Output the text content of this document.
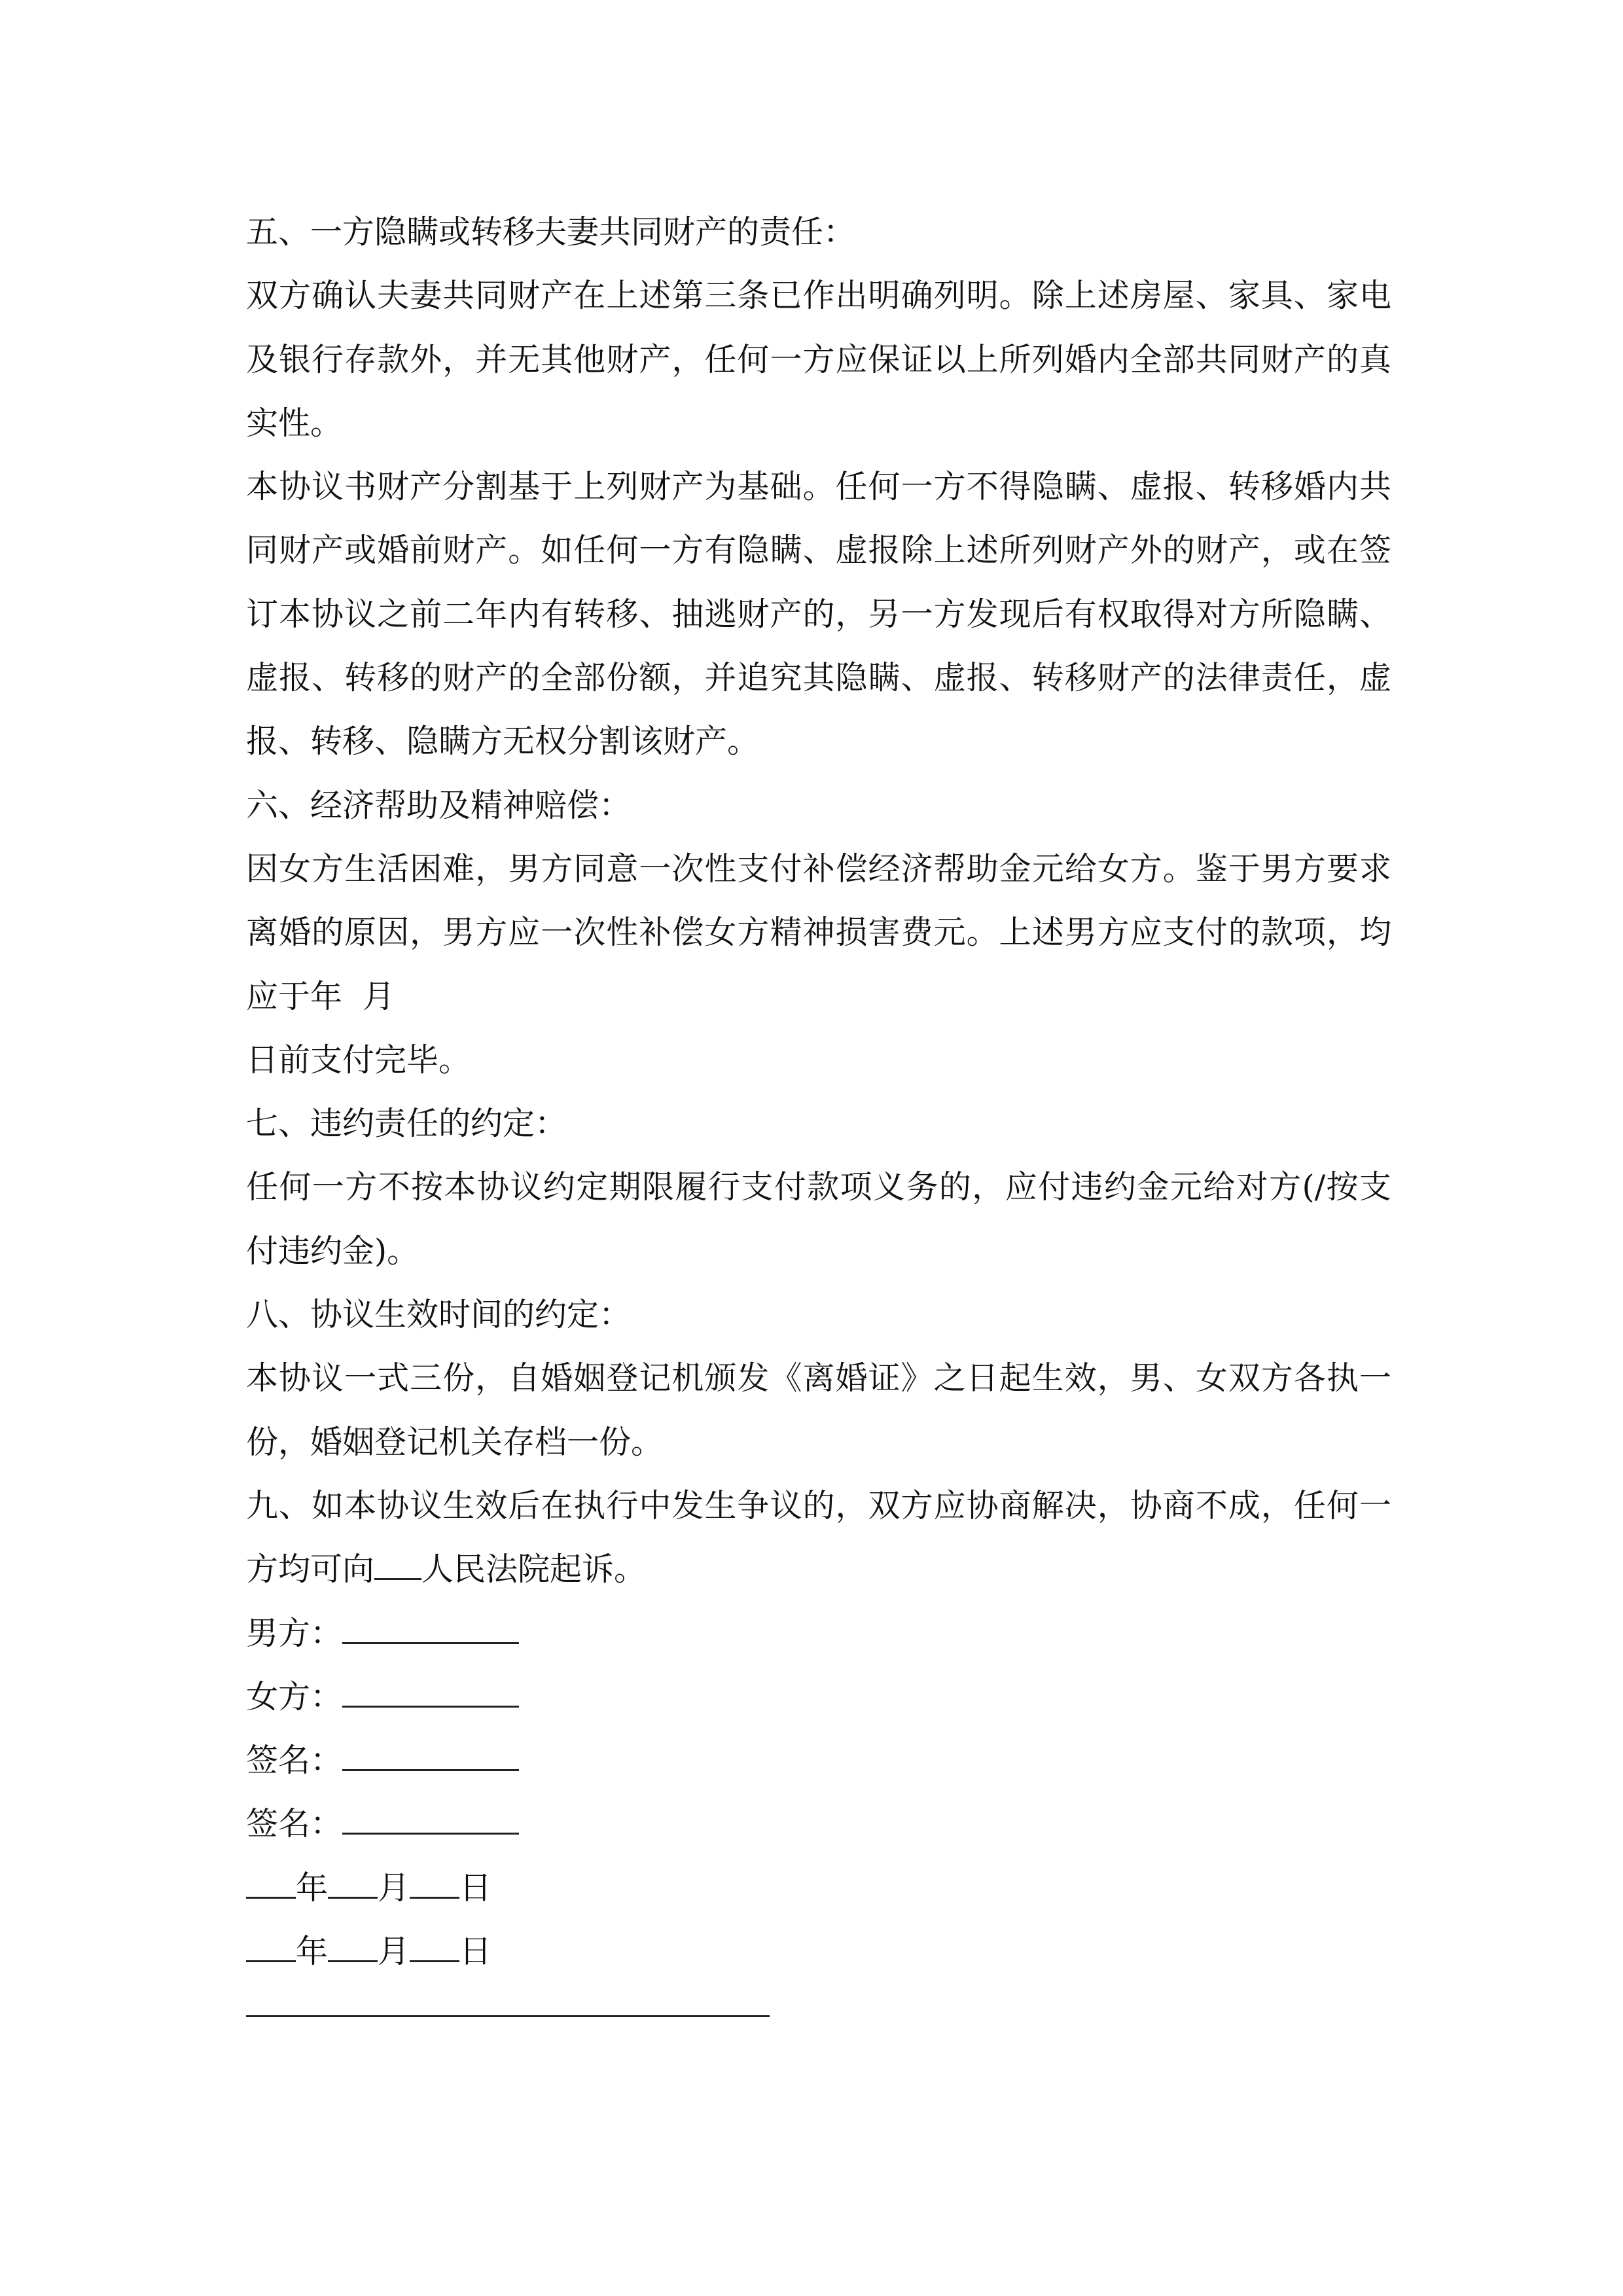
五、一方隐瞒或转移夫妻共同财产的责任：
双方确认夫妻共同财产在上述第三条已作出明确列明。除上述房屋、家具、家电
及银行存款外，并无其他财产，任何一方应保证以上所列婚内全部共同财产的真
实性。
本协议书财产分割基于上列财产为基础。任何一方不得隐瞒、虚报、转移婚内共
同财产或婚前财产。如任何一方有隐瞒、虚报除上述所列财产外的财产，或在签
订本协议之前二年内有转移、抽逃财产的，另一方发现后有权取得对方所隐瞒、
虚报、转移的财产的全部份额，并追究其隐瞒、虚报、转移财产的法律责任，虚
报、转移、隐瞒方无权分割该财产。
六、经济帮助及精神赔偿：
因女方生活困难，男方同意一次性支付补偿经济帮助金元给女方。鉴于男方要求
离婚的原因，男方应一次性补偿女方精神损害费元。上述男方应支付的款项，均
应于年  月
日前支付完毕。
七、违约责任的约定：
任何一方不按本协议约定期限履行支付款项义务的，应付违约金元给对方(/按支
付违约金)。
八、协议生效时间的约定：
本协议一式三份，自婚姻登记机颁发《离婚证》之日起生效，男、女双方各执一
份，婚姻登记机关存档一份。
九、如本协议生效后在执行中发生争议的，双方应协商解决，协商不成，任何一
方均可向 人民法院起诉。
男方：
女方：
签名：
签名：
年 月 日
年 月 日
